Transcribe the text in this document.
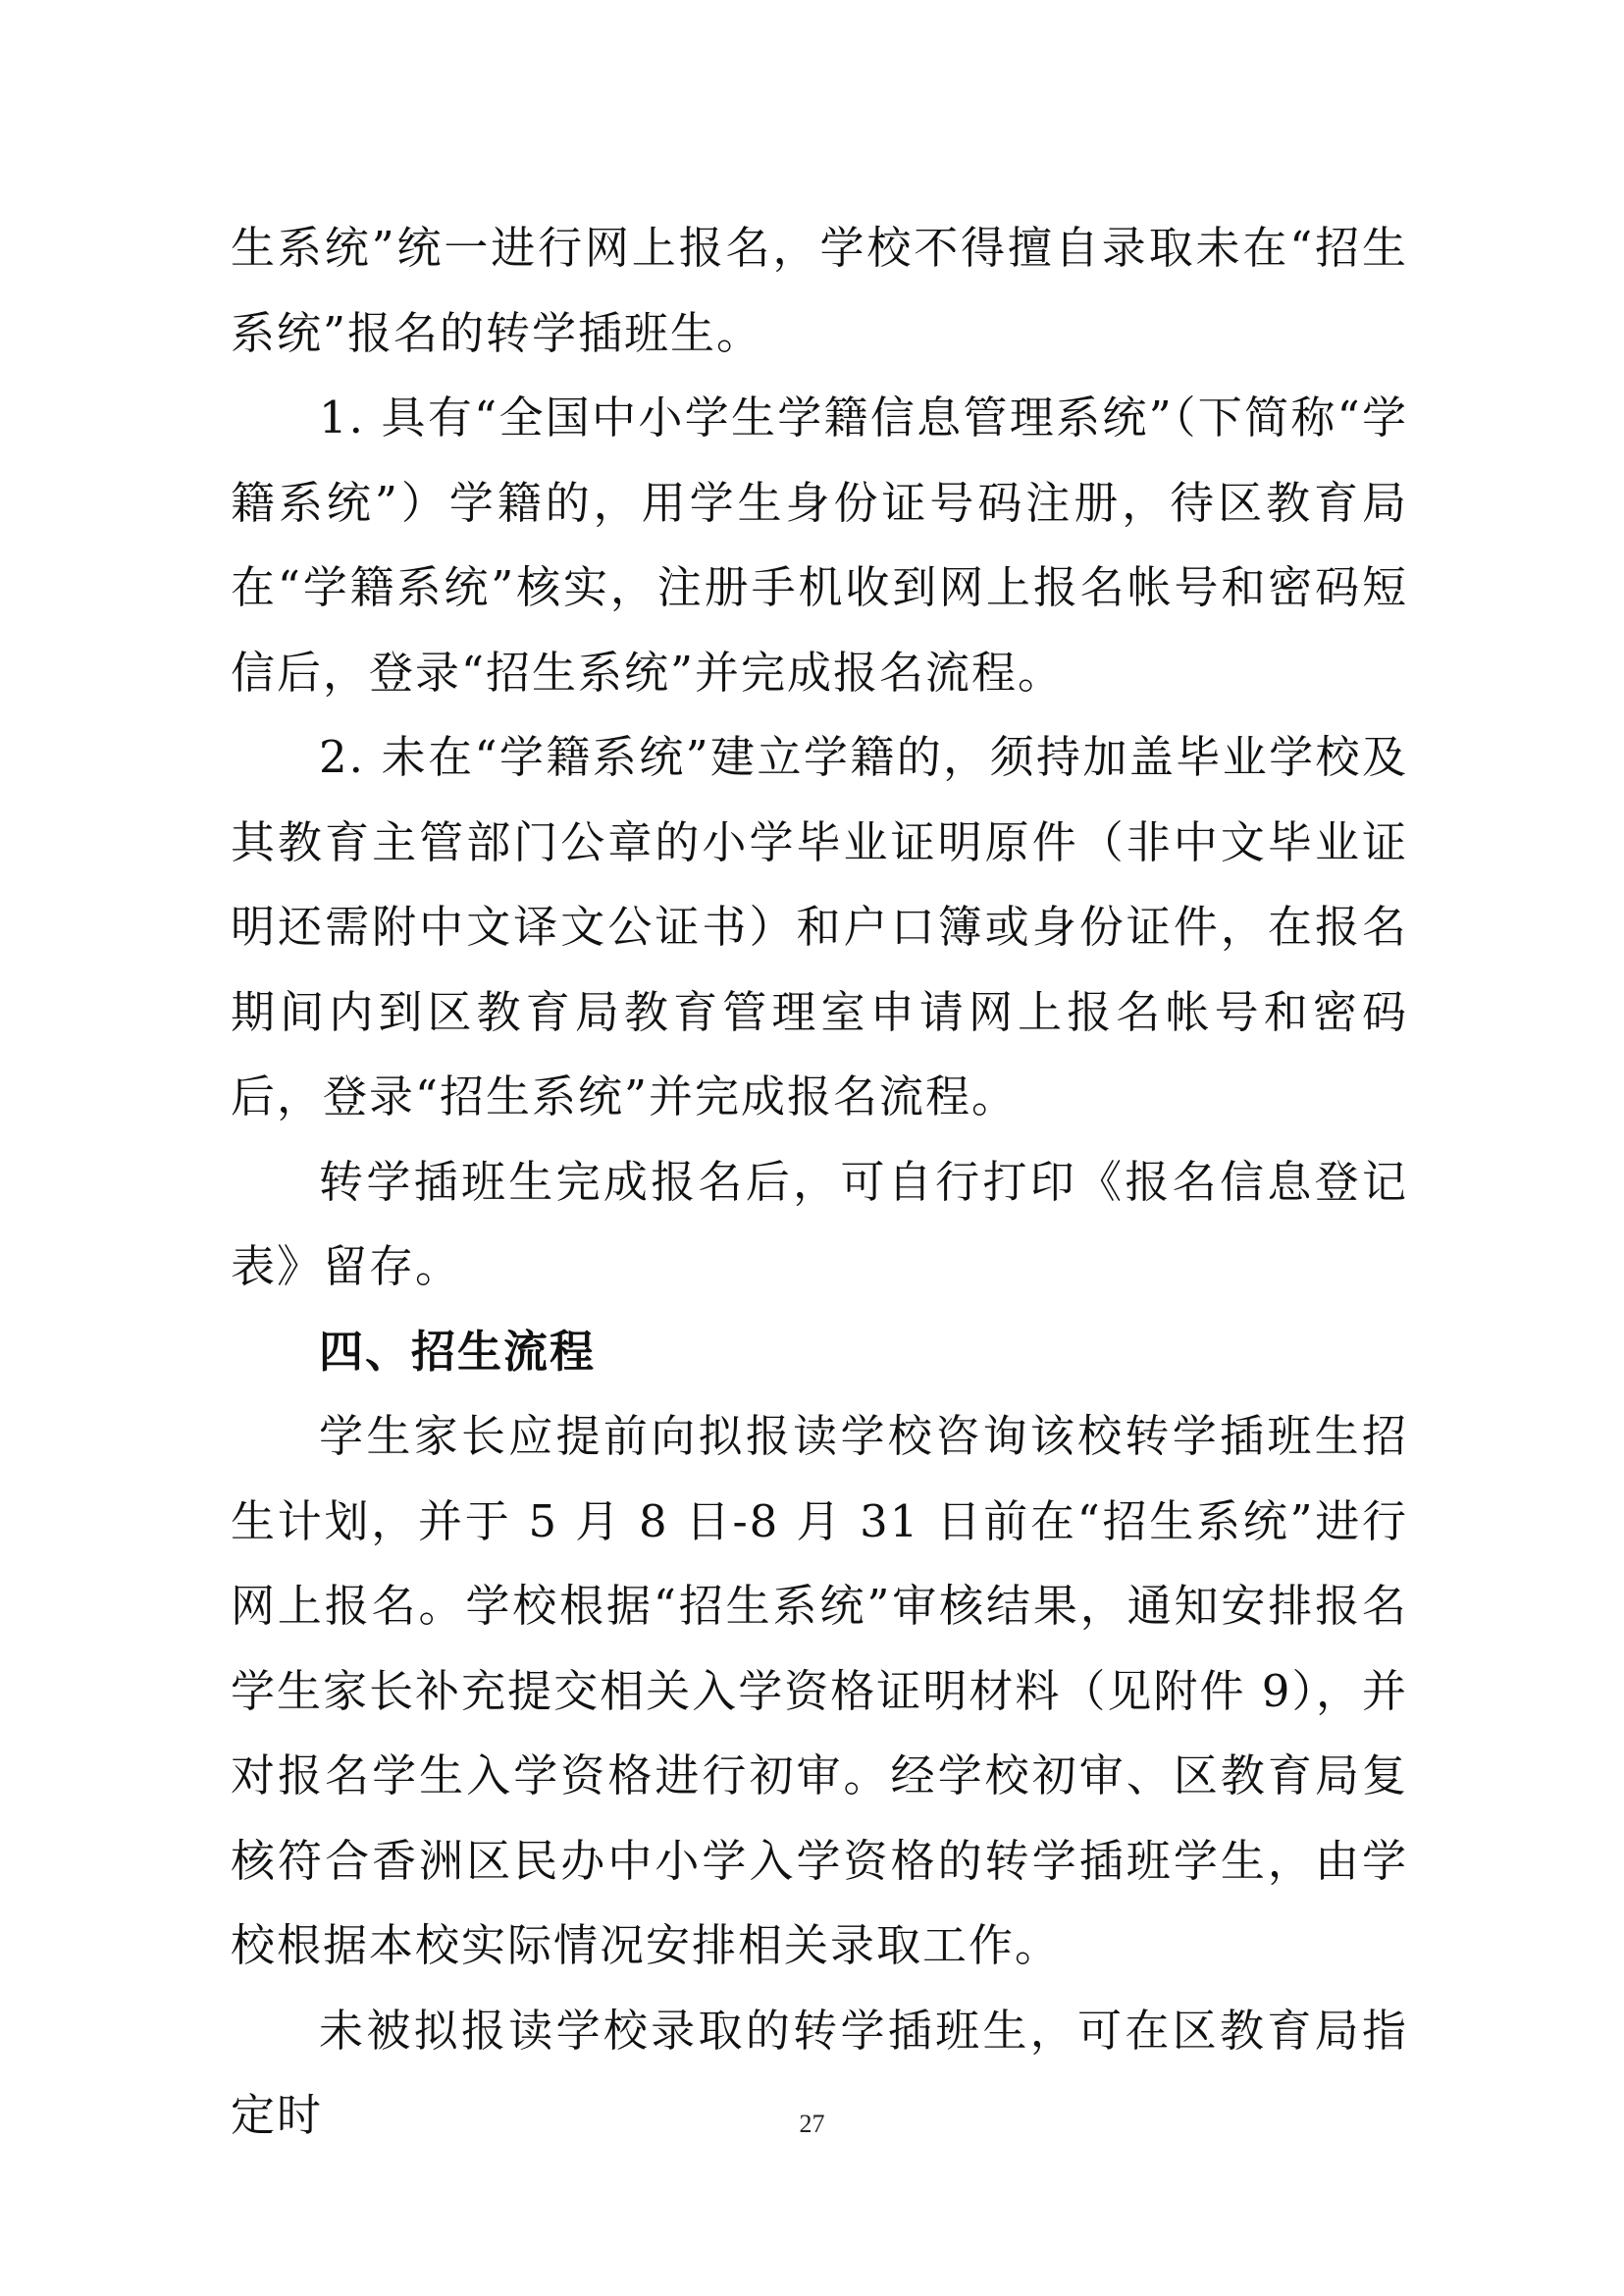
生系统”统一进行网上报名，学校不得擅自录取未在“招生系统”报名的转学插班生。

1. 具有“全国中小学生学籍信息管理系统”（下简称“学籍系统”）学籍的，用学生身份证号码注册，待区教育局在“学籍系统”核实，注册手机收到网上报名帐号和密码短信后，登录“招生系统”并完成报名流程。

2. 未在“学籍系统”建立学籍的，须持加盖毕业学校及其教育主管部门公章的小学毕业证明原件（非中文毕业证明还需附中文译文公证书）和户口簿或身份证件，在报名期间内到区教育局教育管理室申请网上报名帐号和密码后，登录“招生系统”并完成报名流程。

转学插班生完成报名后，可自行打印《报名信息登记表》留存。

四、招生流程

学生家长应提前向拟报读学校咨询该校转学插班生招生计划，并于 5 月 8 日-8 月 31 日前在“招生系统”进行网上报名。学校根据“招生系统”审核结果，通知安排报名学生家长补充提交相关入学资格证明材料（见附件 9），并对报名学生入学资格进行初审。经学校初审、区教育局复核符合香洲区民办中小学入学资格的转学插班学生，由学校根据本校实际情况安排相关录取工作。

未被拟报读学校录取的转学插班生，可在区教育局指定时	27
